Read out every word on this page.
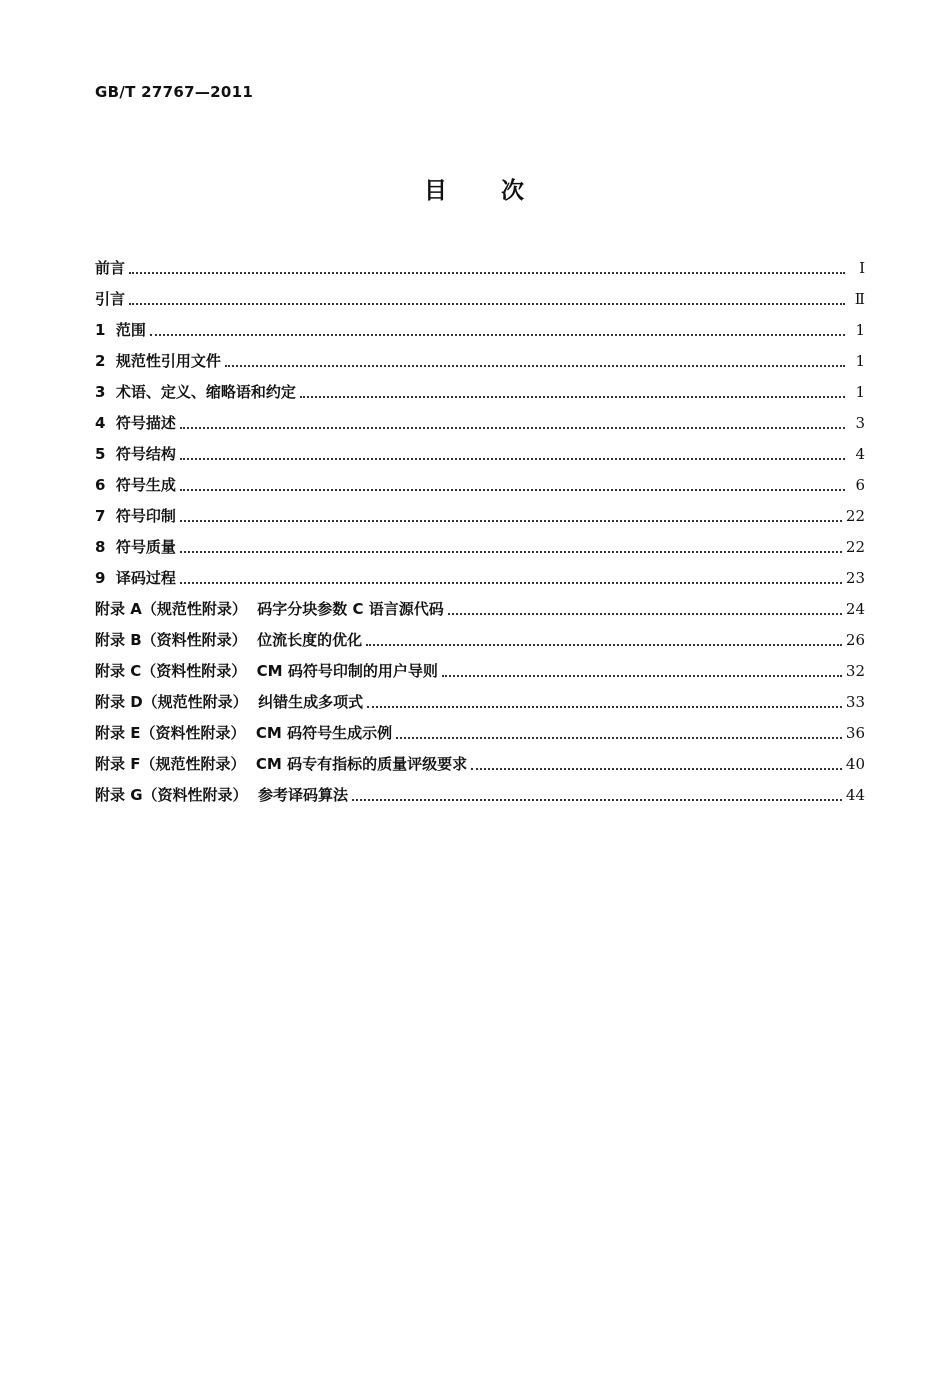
GB/T 27767—2011
目 次
前言	Ⅰ
引言	Ⅱ
1  范围	1
2  规范性引用文件	1
3  术语、定义、缩略语和约定	1
4  符号描述	3
5  符号结构	4
6  符号生成	6
7  符号印制	22
8  符号质量	22
9  译码过程	23
附录 A（规范性附录）  码字分块参数 C 语言源代码	24
附录 B（资料性附录）  位流长度的优化	26
附录 C（资料性附录）  CM 码符号印制的用户导则	32
附录 D（规范性附录）  纠错生成多项式	33
附录 E（资料性附录）  CM 码符号生成示例	36
附录 F（规范性附录）  CM 码专有指标的质量评级要求	40
附录 G（资料性附录）  参考译码算法	44
